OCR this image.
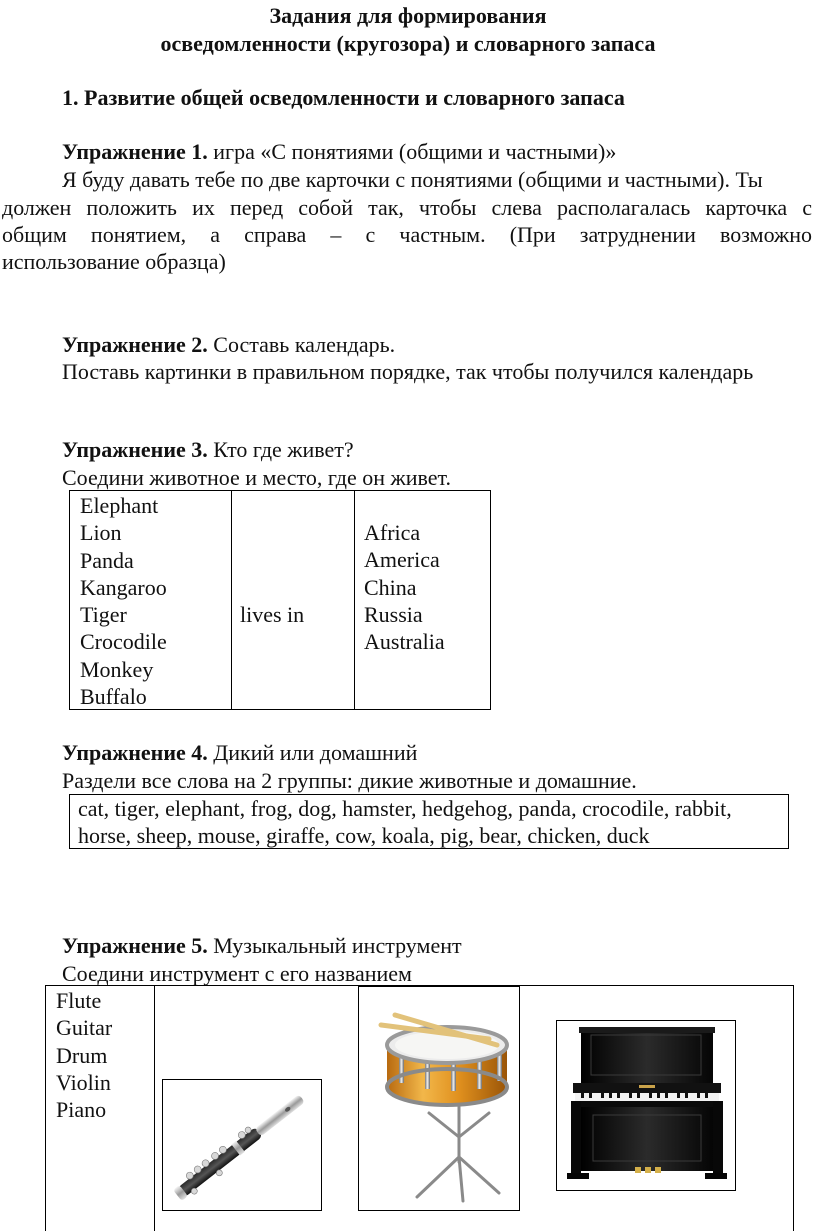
Задания для формирования
осведомленности (кругозора) и словарного запаса
1. Развитие общей осведомленности и словарного запаса
Упражнение 1. игра «С понятиями (общими и частными)»
Я буду давать тебе по две карточки с понятиями (общими и частными). Ты
должен положить их перед собой так, чтобы слева располагалась карточка с
общим понятием, а справа – с частным. (При затруднении возможно
использование образца)
Упражнение 2. Составь календарь.
Поставь картинки в правильном порядке, так чтобы получился календарь
Упражнение 3. Кто где живет?
Соедини животное и место, где он живет.
Elephant
Lion
Panda
Kangaroo
Tiger
Crocodile
Monkey
Buffalo
lives in
Africa
America
China
Russia
Australia
Упражнение 4. Дикий или домашний
Раздели все слова на 2 группы: дикие животные и домашние.
cat, tiger, elephant, frog, dog, hamster, hedgehog, panda, crocodile, rabbit,
horse, sheep, mouse, giraffe, cow, koala, pig, bear, chicken, duck
Упражнение 5. Музыкальный инструмент
Соедини инструмент с его названием
Flute
Guitar
Drum
Violin
Piano
